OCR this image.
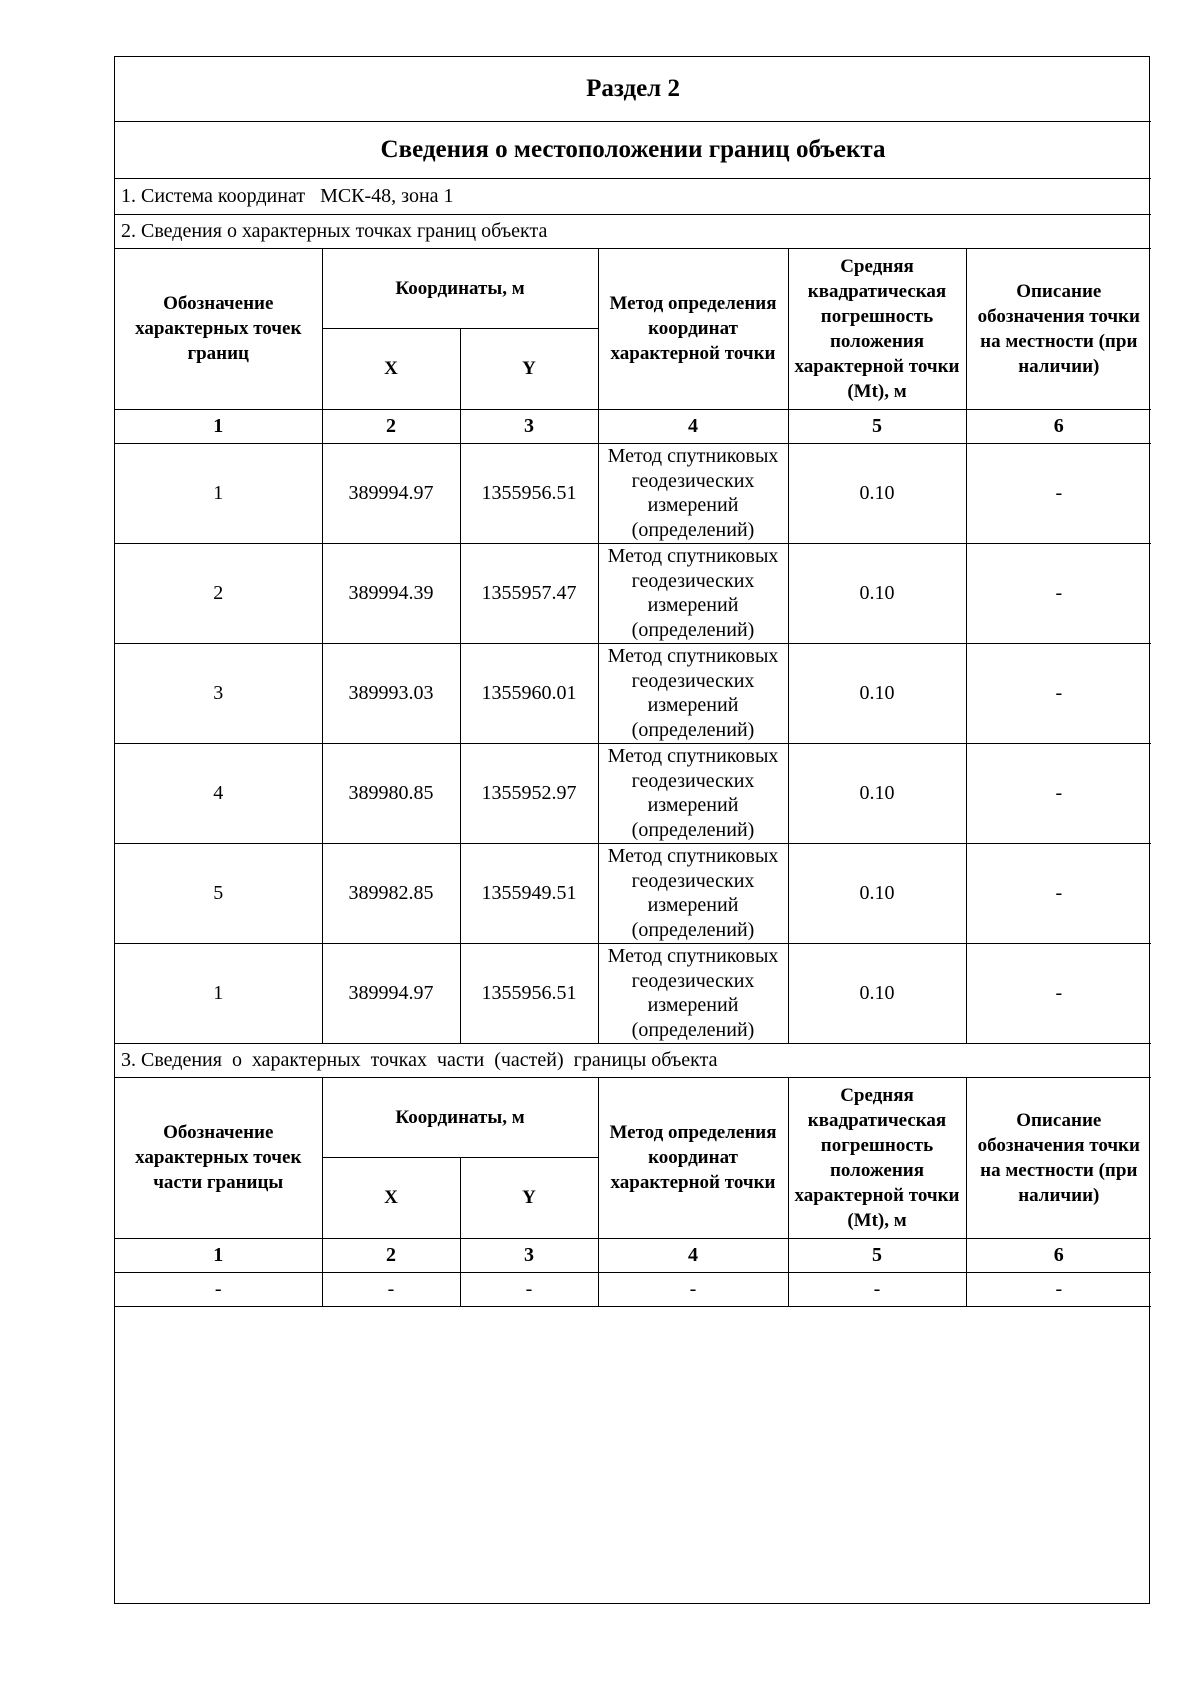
Раздел 2					
Сведения о местоположении границ объекта					
1. Система координат МСК-48, зона 1					
2. Сведения о характерных точках границ объекта					
Обозначение характерных точек границ	Координаты, м		Метод определения координат характерной точки	Средняя квадратическая погрешность положения характерной точки (Mt), м	Описание обозначения точки на местности (при наличии)
	X	Y			
1	2	3	4	5	6
1	389994.97	1355956.51	Метод спутниковых геодезических измерений (определений)	0.10	-
2	389994.39	1355957.47	Метод спутниковых геодезических измерений (определений)	0.10	-
3	389993.03	1355960.01	Метод спутниковых геодезических измерений (определений)	0.10	-
4	389980.85	1355952.97	Метод спутниковых геодезических измерений (определений)	0.10	-
5	389982.85	1355949.51	Метод спутниковых геодезических измерений (определений)	0.10	-
1	389994.97	1355956.51	Метод спутниковых геодезических измерений (определений)	0.10	-
3. Сведения  о  характерных  точках  части  (частей)  границы объекта					
Обозначение характерных точек части границы	Координаты, м		Метод определения координат характерной точки	Средняя квадратическая погрешность положения характерной точки (Mt), м	Описание обозначения точки на местности (при наличии)
	X	Y			
1	2	3	4	5	6
-	-	-	-	-	-
